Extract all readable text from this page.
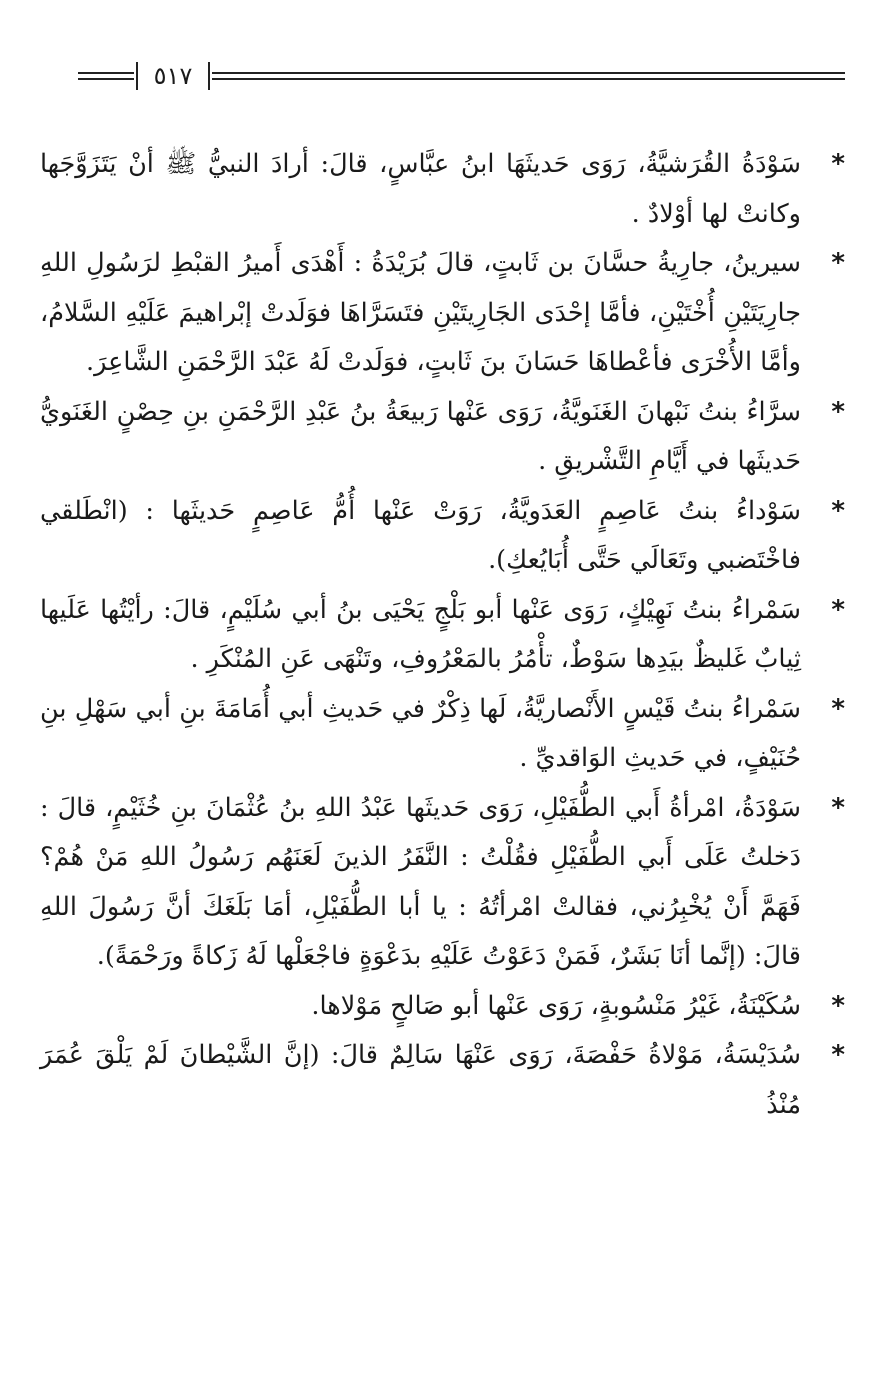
٥١٧
*
سَوْدَةُ القُرَشيَّةُ، رَوَى حَديثَهَا ابنُ عبَّاسٍ، قالَ: أرادَ النبيُّ ﷺ أنْ يَتَزَوَّجَها وكانتْ لها أوْلادٌ .
*
سيرينُ، جارِيةُ حسَّانَ بن ثَابتٍ، قالَ بُرَيْدَةُ : أَهْدَى أَميرُ القبْطِ لرَسُولِ اللهِ جارِيَتَيْنِ أُخْتَيْنِ، فأمَّا إحْدَى الجَارِيتَيْنِ فتَسَرَّاهَا فوَلَدتْ إبْراهيمَ عَلَيْهِ السَّلامُ، وأمَّا الأُخْرَى فأعْطاهَا حَسَانَ بنَ ثَابتٍ، فوَلَدتْ لَهُ عَبْدَ الرَّحْمَنِ الشَّاعِرَ.
*
سرَّاءُ بنتُ نَبْهانَ الغَنَويَّةُ، رَوَى عَنْها رَبيعَةُ بنُ عَبْدِ الرَّحْمَنِ بنِ حِصْنٍ الغَنَويُّ حَديثَها في أَيَّامِ التَّشْريقِ .
*
سَوْداءُ بنتُ عَاصِمٍ العَدَويَّةُ، رَوَتْ عَنْها أُمُّ عَاصِمٍ حَديثَها : (انْطَلقي فاخْتَضبي وتَعَالَي حَتَّى أُبَايُعكِ).
*
سَمْراءُ بنتُ نَهِيْكٍ، رَوَى عَنْها أبو بَلْجٍ يَحْيَى بنُ أبي سُلَيْمٍ، قالَ: رأيْتُها عَلَيها ثِيابٌ غَليظٌ بيَدِها سَوْطٌ، تأْمُرُ بالمَعْرُوفِ، وتَنْهَى عَنِ المُنْكَرِ .
*
سَمْراءُ بنتُ قَيْسٍ الأَنْصاريَّةُ، لَها ذِكْرٌ في حَديثِ أبي أُمَامَةَ بنِ أبي سَهْلِ بنِ حُنَيْفٍ، في حَديثِ الوَاقديِّ .
*
سَوْدَةُ، امْرأةُ أَبي الطُّفَيْلِ، رَوَى حَديثَها عَبْدُ اللهِ بنُ عُثْمَانَ بنِ خُثَيْمٍ، قالَ : دَخلتُ عَلَى أَبي الطُّفَيْلِ فقُلْتُ : النَّفَرُ الذينَ لَعَنَهُم رَسُولُ اللهِ مَنْ هُمْ؟ فَهَمَّ أَنْ يُخْبِرُني، فقالتْ امْرأتُهُ : يا أبا الطُّفَيْلِ، أمَا بَلَغَكَ أنَّ رَسُولَ اللهِ قالَ: (إنَّما أنَا بَشَرٌ، فَمَنْ دَعَوْتُ عَلَيْهِ بدَعْوَةٍ فاجْعَلْها لَهُ زَكاةً ورَحْمَةً).
*
سُكَيْنَةُ، غَيْرُ مَنْسُوبةٍ، رَوَى عَنْها أبو صَالحٍ مَوْلاها.
*
سُدَيْسَةُ، مَوْلاةُ حَفْصَةَ، رَوَى عَنْهَا سَالِمٌ قالَ: (إنَّ الشَّيْطانَ لَمْ يَلْقَ عُمَرَ مُنْذُ
